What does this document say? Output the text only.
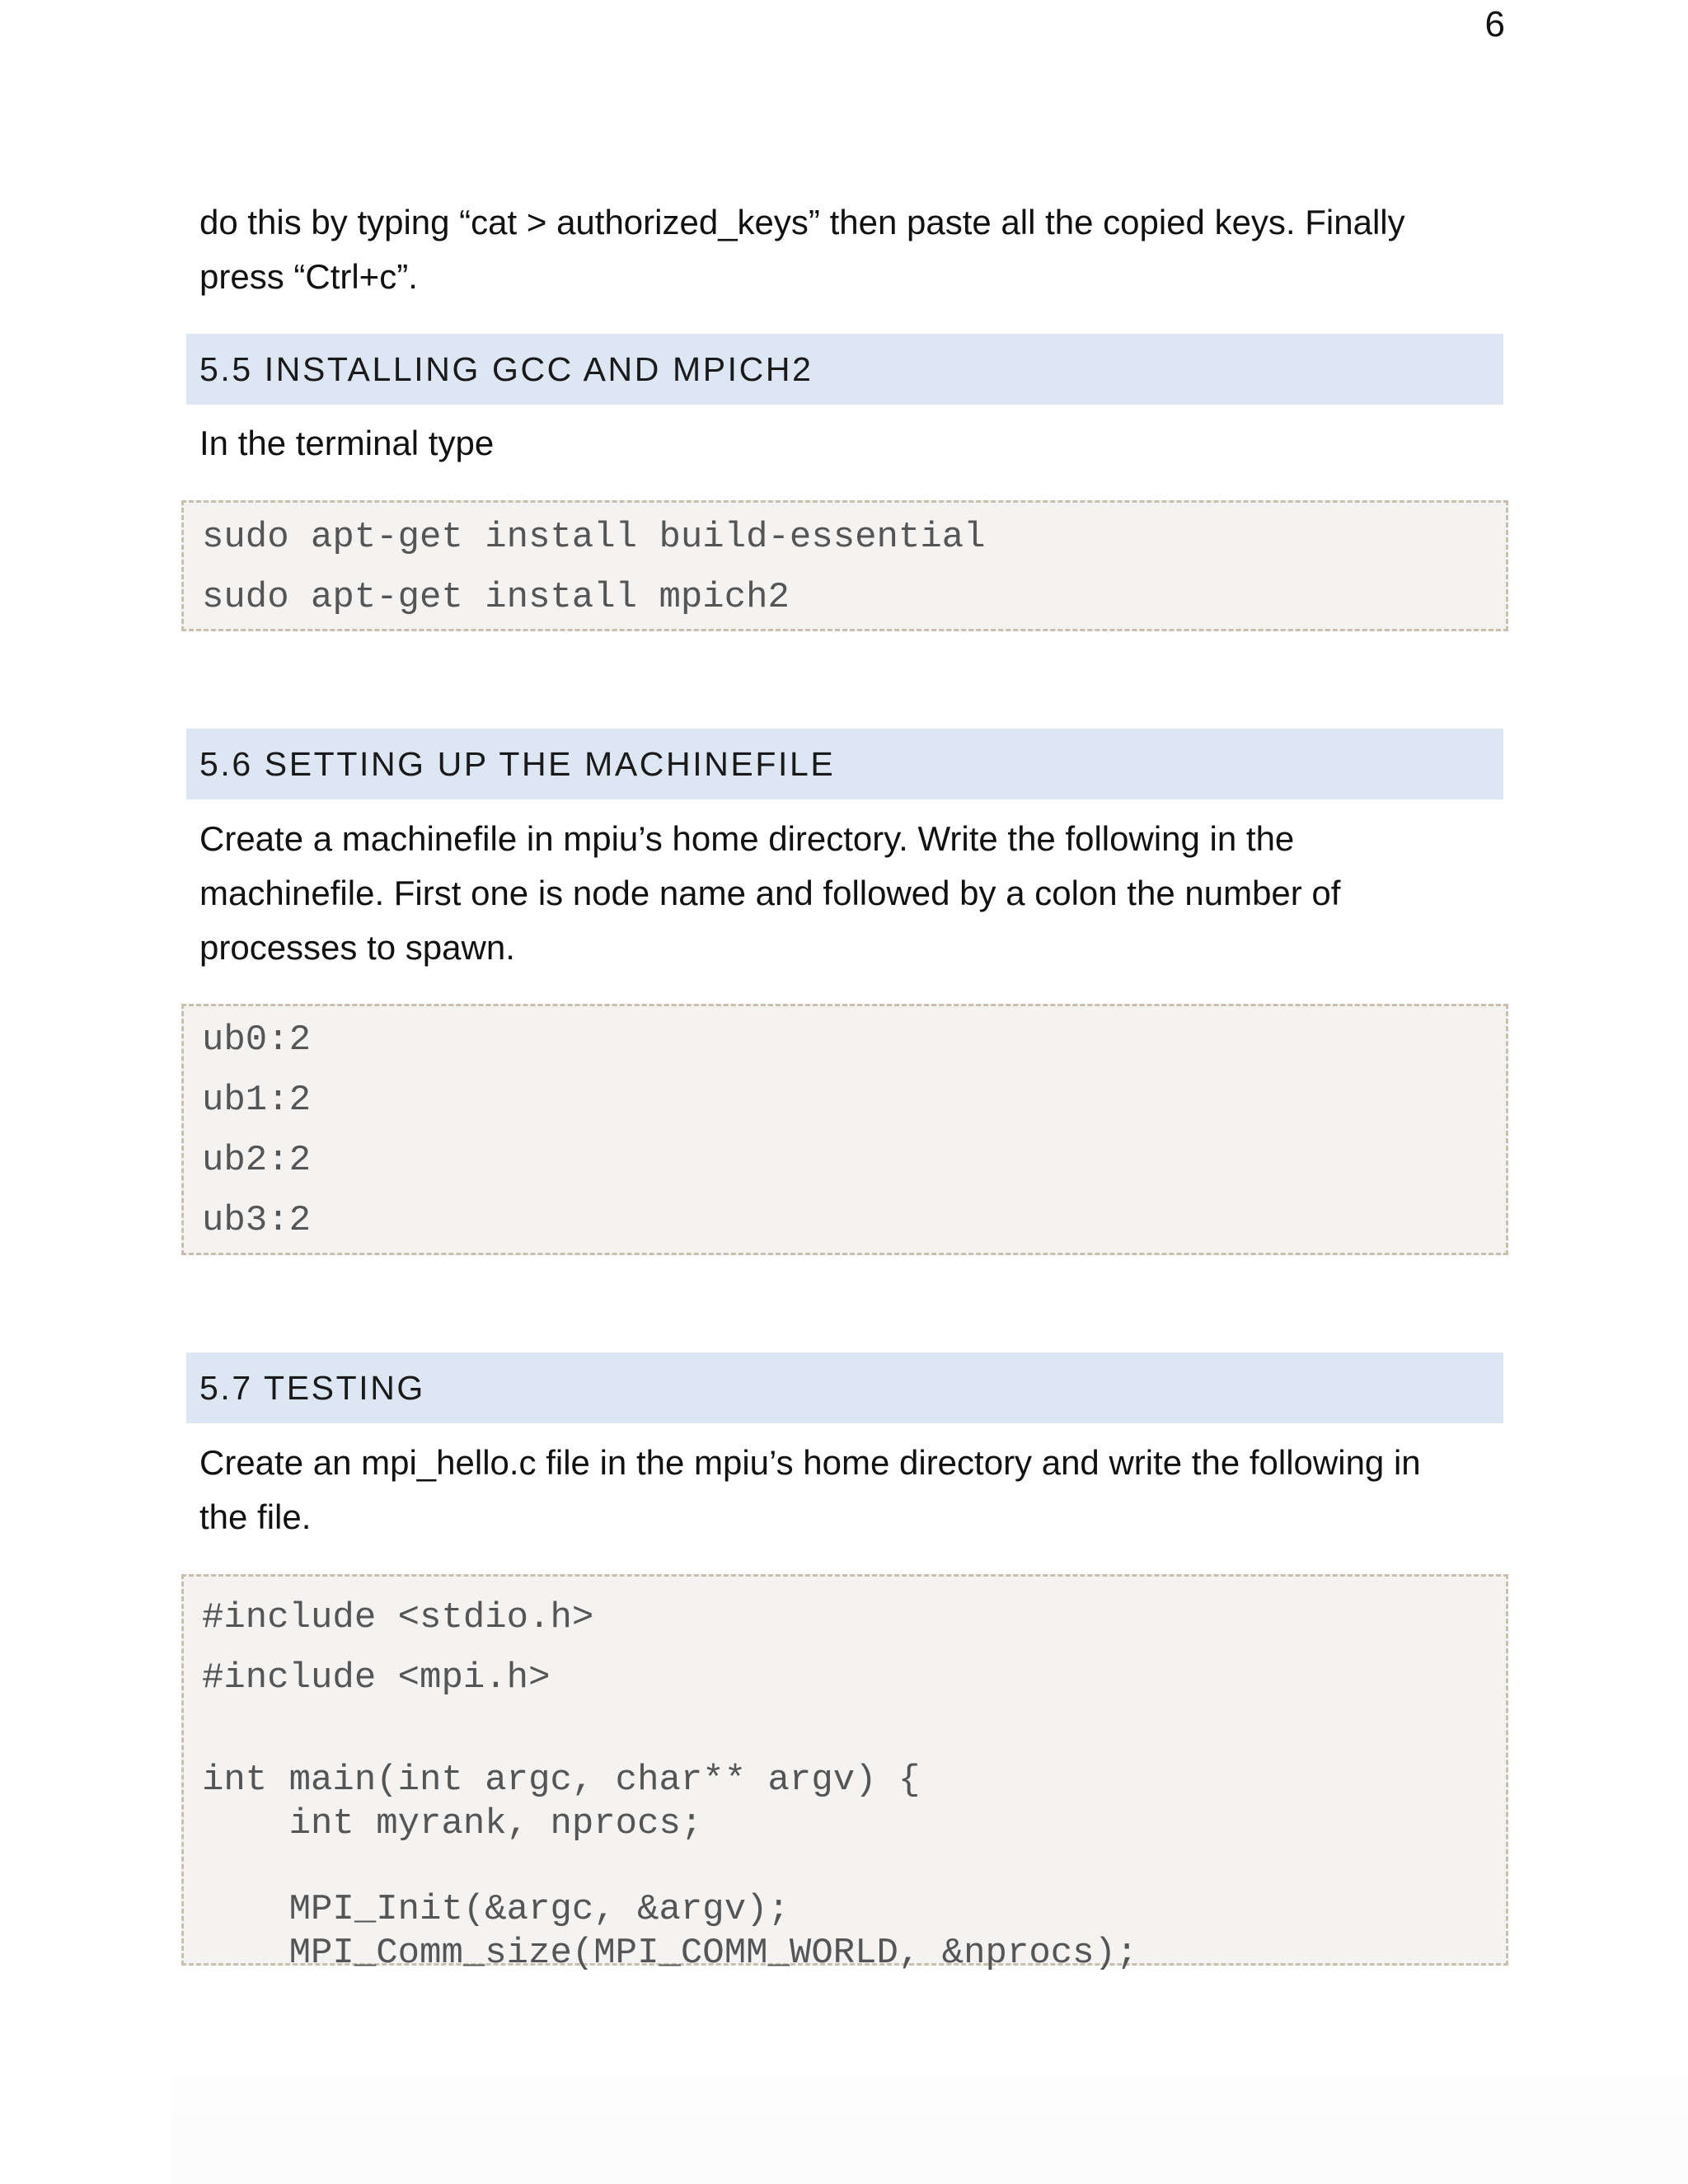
6
do this by typing “cat > authorized_keys” then paste all the copied keys. Finally
press “Ctrl+c”.
5.5 INSTALLING GCC AND MPICH2
In the terminal type
sudo apt-get install build-essential
sudo apt-get install mpich2
5.6 SETTING UP THE MACHINEFILE
Create a machinefile in mpiu’s home directory. Write the following in the
machinefile. First one is node name and followed by a colon the number of
processes to spawn.
ub0:2
ub1:2
ub2:2
ub3:2
5.7 TESTING
Create an mpi_hello.c file in the mpiu’s home directory and write the following in
the file.
#include <stdio.h>
#include <mpi.h>
int main(int argc, char** argv) {
int myrank, nprocs;
MPI_Init(&argc, &argv);
MPI_Comm_size(MPI_COMM_WORLD, &nprocs);
